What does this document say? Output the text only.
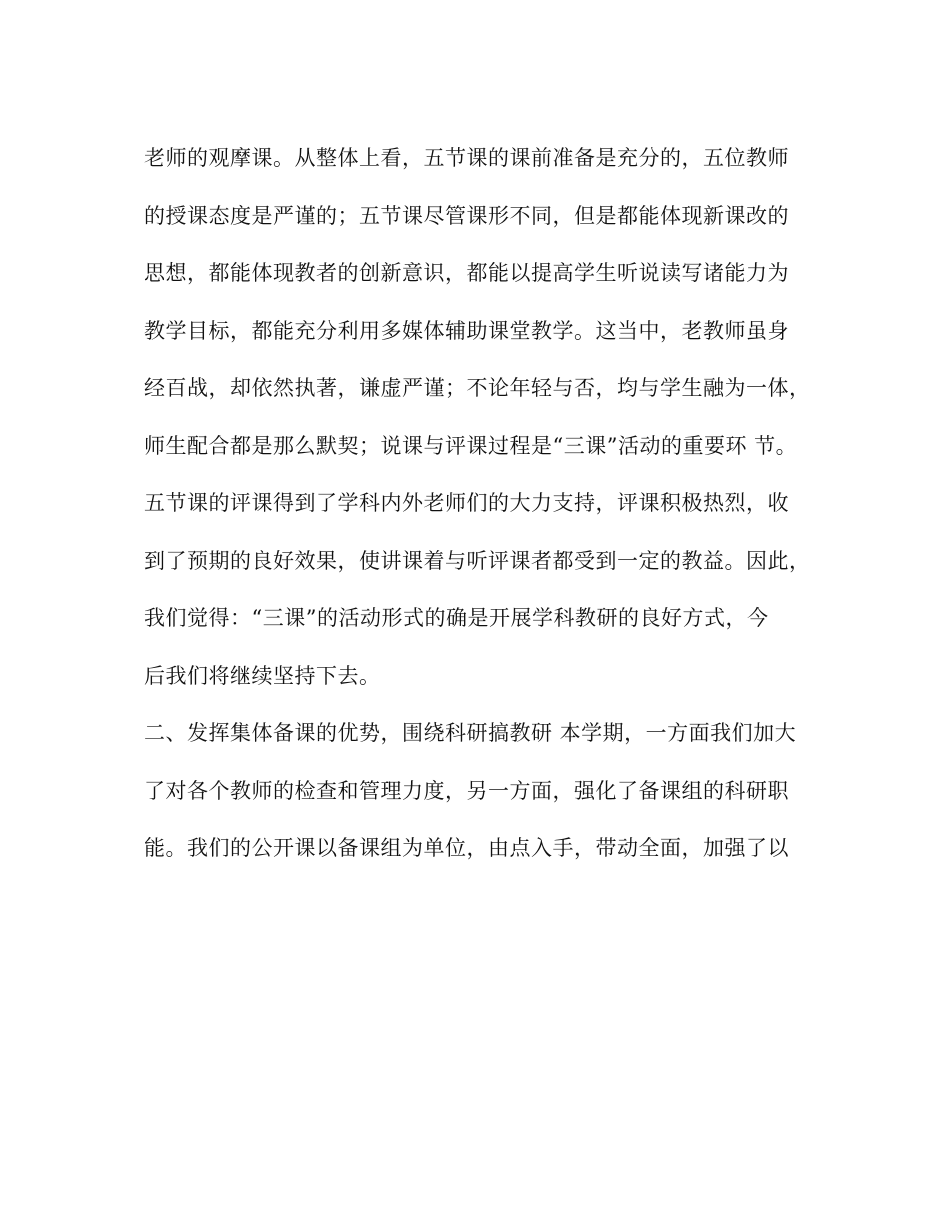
老师的观摩课。从整体上看，五节课的课前准备是充分的，五位教师
的授课态度是严谨的；五节课尽管课形不同，但是都能体现新课改的
思想，都能体现教者的创新意识，都能以提高学生听说读写诸能力为
教学目标，都能充分利用多媒体辅助课堂教学。这当中，老教师虽身
经百战，却依然执著，谦虚严谨；不论年轻与否，均与学生融为一体，
师生配合都是那么默契；说课与评课过程是“三课”活动的重要环 节。
五节课的评课得到了学科内外老师们的大力支持，评课积极热烈，收
到了预期的良好效果，使讲课着与听评课者都受到一定的教益。因此，
我们觉得：“三课”的活动形式的确是开展学科教研的良好方式，今
后我们将继续坚持下去。
二、发挥集体备课的优势，围绕科研搞教研 本学期，一方面我们加大
了对各个教师的检查和管理力度，另一方面，强化了备课组的科研职
能。我们的公开课以备课组为单位，由点入手，带动全面，加强了以
